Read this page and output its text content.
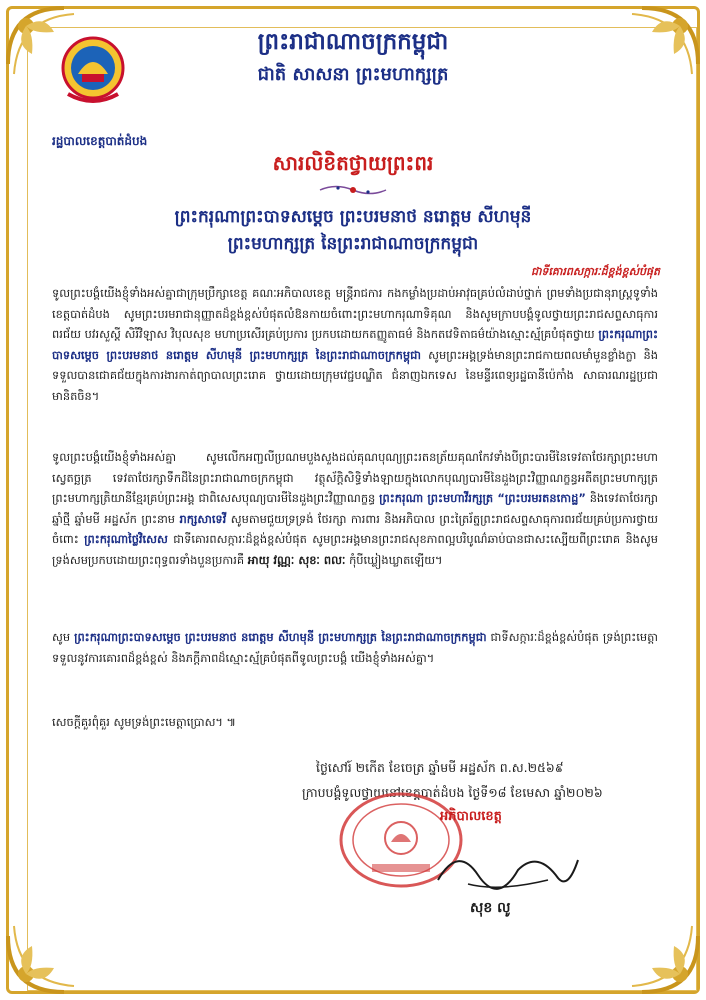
ព្រះរាជាណាចក្រកម្ពុជា
ជាតិ សាសនា ព្រះមហាក្សត្រ
រដ្ឋបាលខេត្តបាត់ដំបង
សារលិខិតថ្វាយព្រះពរ
ព្រះករុណាព្រះបាទសម្ដេច ព្រះបរមនាថ នរោត្តម សីហមុនី
ព្រះមហាក្សត្រ នៃព្រះរាជាណាចក្រកម្ពុជា
ជាទីគោរពសក្ការៈដ៏ខ្ពង់ខ្ពស់បំផុត
ទូលព្រះបង្គំយើងខ្ញុំទាំងអស់គ្នាជាក្រុមប្រឹក្សាខេត្ត គណៈអភិបាលខេត្ត មន្ត្រីរាជការ កងកម្លាំងប្រដាប់អាវុធគ្រប់លំដាប់ថ្នាក់ ព្រមទាំងប្រជានុរាស្ត្រទូទាំងខេត្តបាត់ដំបង សូមព្រះបរមរាជានុញ្ញាតដ៏ខ្ពង់ខ្ពស់បំផុតលំឱនកាយចំពោះព្រះមហាករុណាទិគុណ និងសូមក្រាបបង្គំទូលថ្វាយព្រះរាជសព្ទសាធុការពរជ័យ បវរសួស្តី សិរីវិឡាស វិបុលសុខ មហាប្រសើរគ្រប់ប្រការ ប្រកបដោយកតញ្ញូតាធម៌ និងកតវេទិតាធម៌យ៉ាងស្មោះស្ម័គ្របំផុតថ្វាយ ព្រះករុណាព្រះបាទសម្ដេច ព្រះបរមនាថ នរោត្តម សីហមុនី ព្រះមហាក្សត្រ នៃព្រះរាជាណាចក្រកម្ពុជា សូមព្រះអង្គទ្រង់មានព្រះរាជកាយពលមាំមួនខ្លាំងក្លា និងទទួលបានជោគជ័យក្នុងការងារកាត់ព្យាបាលព្រះរោគ ថ្វាយដោយក្រុមវេជ្ជបណ្ឌិត ជំនាញឯកទេស នៃមន្ទីរពេទ្យរដ្ឋធានីប៉េកាំង សាធារណរដ្ឋប្រជាមានិតចិន។
ទូលព្រះបង្គំយើងខ្ញុំទាំងអស់គ្នា សូមលើកអញ្ជលីប្រណមបួងសួងដល់គុណបុណ្យព្រះរតនត្រ័យគុណកែវទាំងបីព្រះបារមីនៃទេវតាថែរក្សាព្រះមហាស្វេតច្ឆត្រ ទេវតាថែរក្សាទឹកដីនៃព្រះរាជាណាចក្រកម្ពុជា វត្ថុស័ក្តិសិទ្ធិទាំងឡាយក្នុងលោកបុណ្យបារមីនៃដួងព្រះវិញ្ញាណក្ខន្ធអតីតព្រះមហាក្សត្រ ព្រះមហាក្សត្រិយានីខ្មែរគ្រប់ព្រះអង្គ ជាពិសេសបុណ្យបារមីនៃដួងព្រះវិញ្ញាណក្ខន្ធ ព្រះករុណា ព្រះមហាវីរក្សត្រ “ព្រះបរមរតនកោដ្ឋ” និងទេវតាថែរក្សាឆ្នាំថ្មី ឆ្នាំមមី អដ្ឋស័ក ព្រះនាម រាក្សសាទេវី សូមតាមជួយទ្រទ្រង់ ថែរក្សា ការពារ និងអភិបាល ព្រះត្រៃរ័ត្នព្រះរាជសព្ទសាធុការពរជ័យគ្រប់ប្រការថ្វាយចំពោះ ព្រះករុណាថ្លៃវិសេស ជាទីគោរពសក្ការៈដ៏ខ្ពង់ខ្ពស់បំផុត សូមព្រះអង្គមានព្រះរាជសុខភាពល្អបរិបូណ៌ឆាប់បានជាសះស្បើយពីព្រះរោគ និងសូមទ្រង់សមប្រកបដោយព្រះពុទ្ធពរទាំងបួនប្រការគឺ អាយុ វណ្ណៈ សុខៈ ពលៈ កុំបីឃ្លៀងឃ្លាតឡើយ។
សូម ព្រះករុណាព្រះបាទសម្ដេច ព្រះបរមនាថ នរោត្តម សីហមុនី ព្រះមហាក្សត្រ នៃព្រះរាជាណាចក្រកម្ពុជា ជាទីសក្ការៈដ៏ខ្ពង់ខ្ពស់បំផុត ទ្រង់ព្រះមេត្តាទទួលនូវការគោរពដ៏ខ្ពង់ខ្ពស់ និងភក្ដីភាពដ៏ស្មោះស្ម័គ្របំផុតពីទូលព្រះបង្គំ យើងខ្ញុំទាំងអស់គ្នា។
សេចក្ដីគួរពុំគួរ សូមទ្រង់ព្រះមេត្តាប្រោស។ ៕
ថ្ងៃសៅរ៍ ២កើត ខែចេត្រ ឆ្នាំមមី អដ្ឋស័ក ព.ស.២៥៦៩
ក្រាបបង្គំទូលថ្វាយនៅខេត្តបាត់ដំបង ថ្ងៃទី១៨ ខែមេសា ឆ្នាំ២០២៦
អភិបាលខេត្ត
សុខ លូ
